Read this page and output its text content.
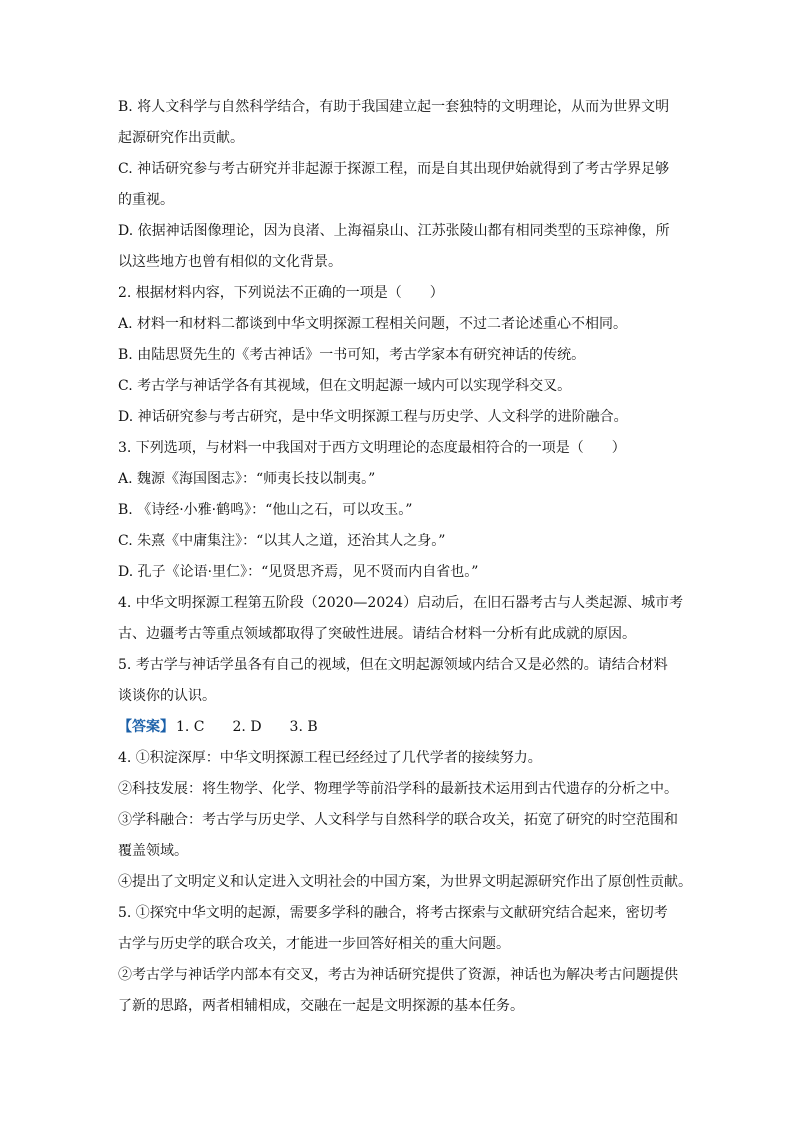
B. 将人文科学与自然科学结合，有助于我国建立起一套独特的文明理论，从而为世界文明
起源研究作出贡献。
C. 神话研究参与考古研究并非起源于探源工程，而是自其出现伊始就得到了考古学界足够
的重视。
D. 依据神话图像理论，因为良渚、上海福泉山、江苏张陵山都有相同类型的玉琮神像，所
以这些地方也曾有相似的文化背景。
2. 根据材料内容，下列说法不正确的一项是（　　）
A. 材料一和材料二都谈到中华文明探源工程相关问题，不过二者论述重心不相同。
B. 由陆思贤先生的《考古神话》一书可知，考古学家本有研究神话的传统。
C. 考古学与神话学各有其视域，但在文明起源一域内可以实现学科交叉。
D. 神话研究参与考古研究，是中华文明探源工程与历史学、人文科学的进阶融合。
3. 下列选项，与材料一中我国对于西方文明理论的态度最相符合的一项是（　　）
A. 魏源《海国图志》：“师夷长技以制夷。”
B. 《诗经·小雅·鹤鸣》：“他山之石，可以攻玉。”
C. 朱熹《中庸集注》：“以其人之道，还治其人之身。”
D. 孔子《论语·里仁》：“见贤思齐焉，见不贤而内自省也。”
4. 中华文明探源工程第五阶段（2020—2024）启动后，在旧石器考古与人类起源、城市考
古、边疆考古等重点领域都取得了突破性进展。请结合材料一分析有此成就的原因。
5. 考古学与神话学虽各有自己的视域，但在文明起源领域内结合又是必然的。请结合材料
谈谈你的认识。
【答案】 1. C　　2. D　　3. B
4. ①积淀深厚：中华文明探源工程已经经过了几代学者的接续努力。
②科技发展：将生物学、化学、物理学等前沿学科的最新技术运用到古代遗存的分析之中。
③学科融合：考古学与历史学、人文科学与自然科学的联合攻关，拓宽了研究的时空范围和
覆盖领域。
④提出了文明定义和认定进入文明社会的中国方案，为世界文明起源研究作出了原创性贡献。
5. ①探究中华文明的起源，需要多学科的融合，将考古探索与文献研究结合起来，密切考
古学与历史学的联合攻关，才能进一步回答好相关的重大问题。
②考古学与神话学内部本有交叉，考古为神话研究提供了资源，神话也为解决考古问题提供
了新的思路，两者相辅相成，交融在一起是文明探源的基本任务。
